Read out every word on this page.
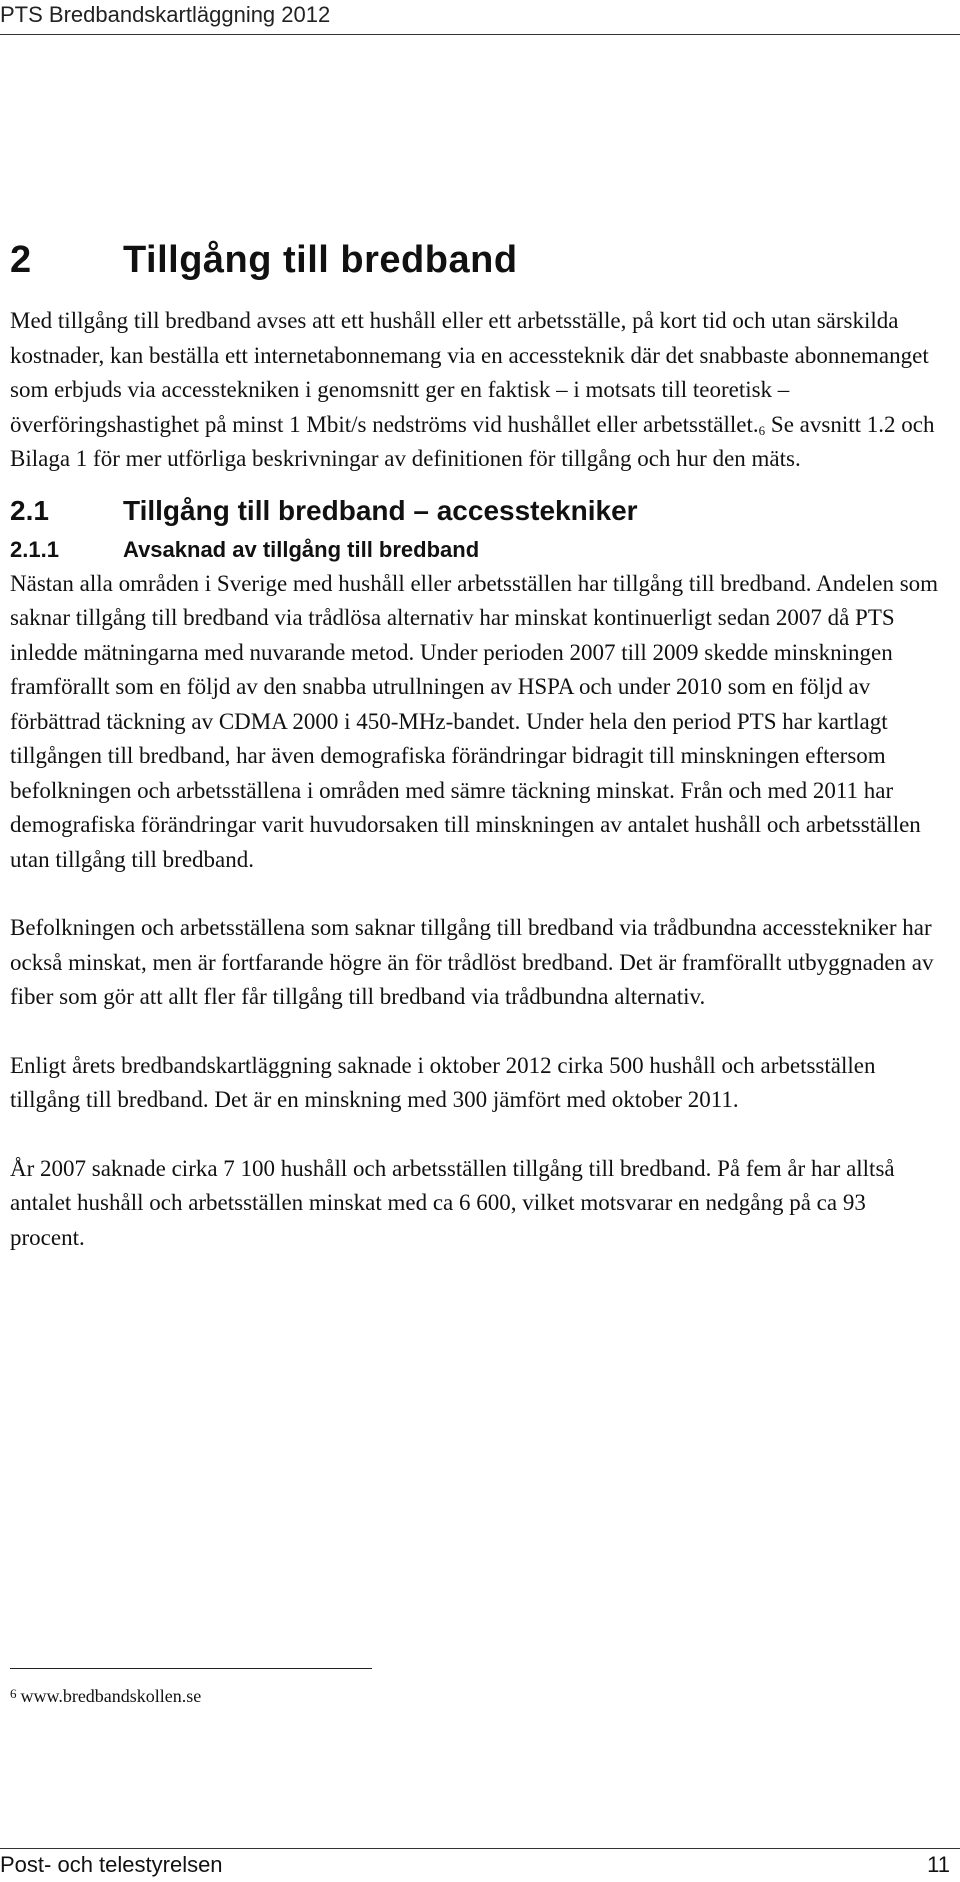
PTS Bredbandskartläggning 2012
2 Tillgång till bredband

Med tillgång till bredband avses att ett hushåll eller ett arbetsställe, på kort tid och utan särskilda kostnader, kan beställa ett internetabonnemang via en accessteknik där det snabbaste abonnemanget som erbjuds via accesstekniken i genomsnitt ger en faktisk – i motsats till teoretisk – överföringshastighet på minst 1 Mbit/s nedströms vid hushållet eller arbetsstället.$^6$ Se avsnitt 1.2 och Bilaga 1 för mer utförliga beskrivningar av definitionen för tillgång och hur den mäts.

2.1	Tillgång till bredband – accesstekniker
2.1.1	Avsaknad av tillgång till bredband

Nästan alla områden i Sverige med hushåll eller arbetsställen har tillgång till bredband. Andelen som saknar tillgång till bredband via trådlösa alternativ har minskat kontinuerligt sedan 2007 då PTS inledde mätningarna med nuvarande metod. Under perioden 2007 till 2009 skedde minskningen framförallt som en följd av den snabba utrullningen av HSPA och under 2010 som en följd av förbättrad täckning av CDMA 2000 i 450-MHz-bandet. Under hela den period PTS har kartlagt tillgången till bredband, har även demografiska förändringar bidragit till minskningen eftersom befolkningen och arbetsställena i områden med sämre täckning minskat. Från och med 2011 har demografiska förändringar varit huvudorsaken till minskningen av antalet hushåll och arbetsställen utan tillgång till bredband.

Befolkningen och arbetsställena som saknar tillgång till bredband via trådbundna accesstekniker har också minskat, men är fortfarande högre än för trådlöst bredband. Det är framförallt utbyggnaden av fiber som gör att allt fler får tillgång till bredband via trådbundna alternativ.

Enligt årets bredbandskartläggning saknade i oktober 2012 cirka 500 hushåll och arbetsställen tillgång till bredband. Det är en minskning med 300 jämfört med oktober 2011.

År 2007 saknade cirka 7 100 hushåll och arbetsställen tillgång till bredband. På fem år har alltså antalet hushåll och arbetsställen minskat med ca 6 600, vilket motsvarar en nedgång på ca 93 procent.

$^6$ www.bredbandskollen.se
Post- och telestyrelsen	11
